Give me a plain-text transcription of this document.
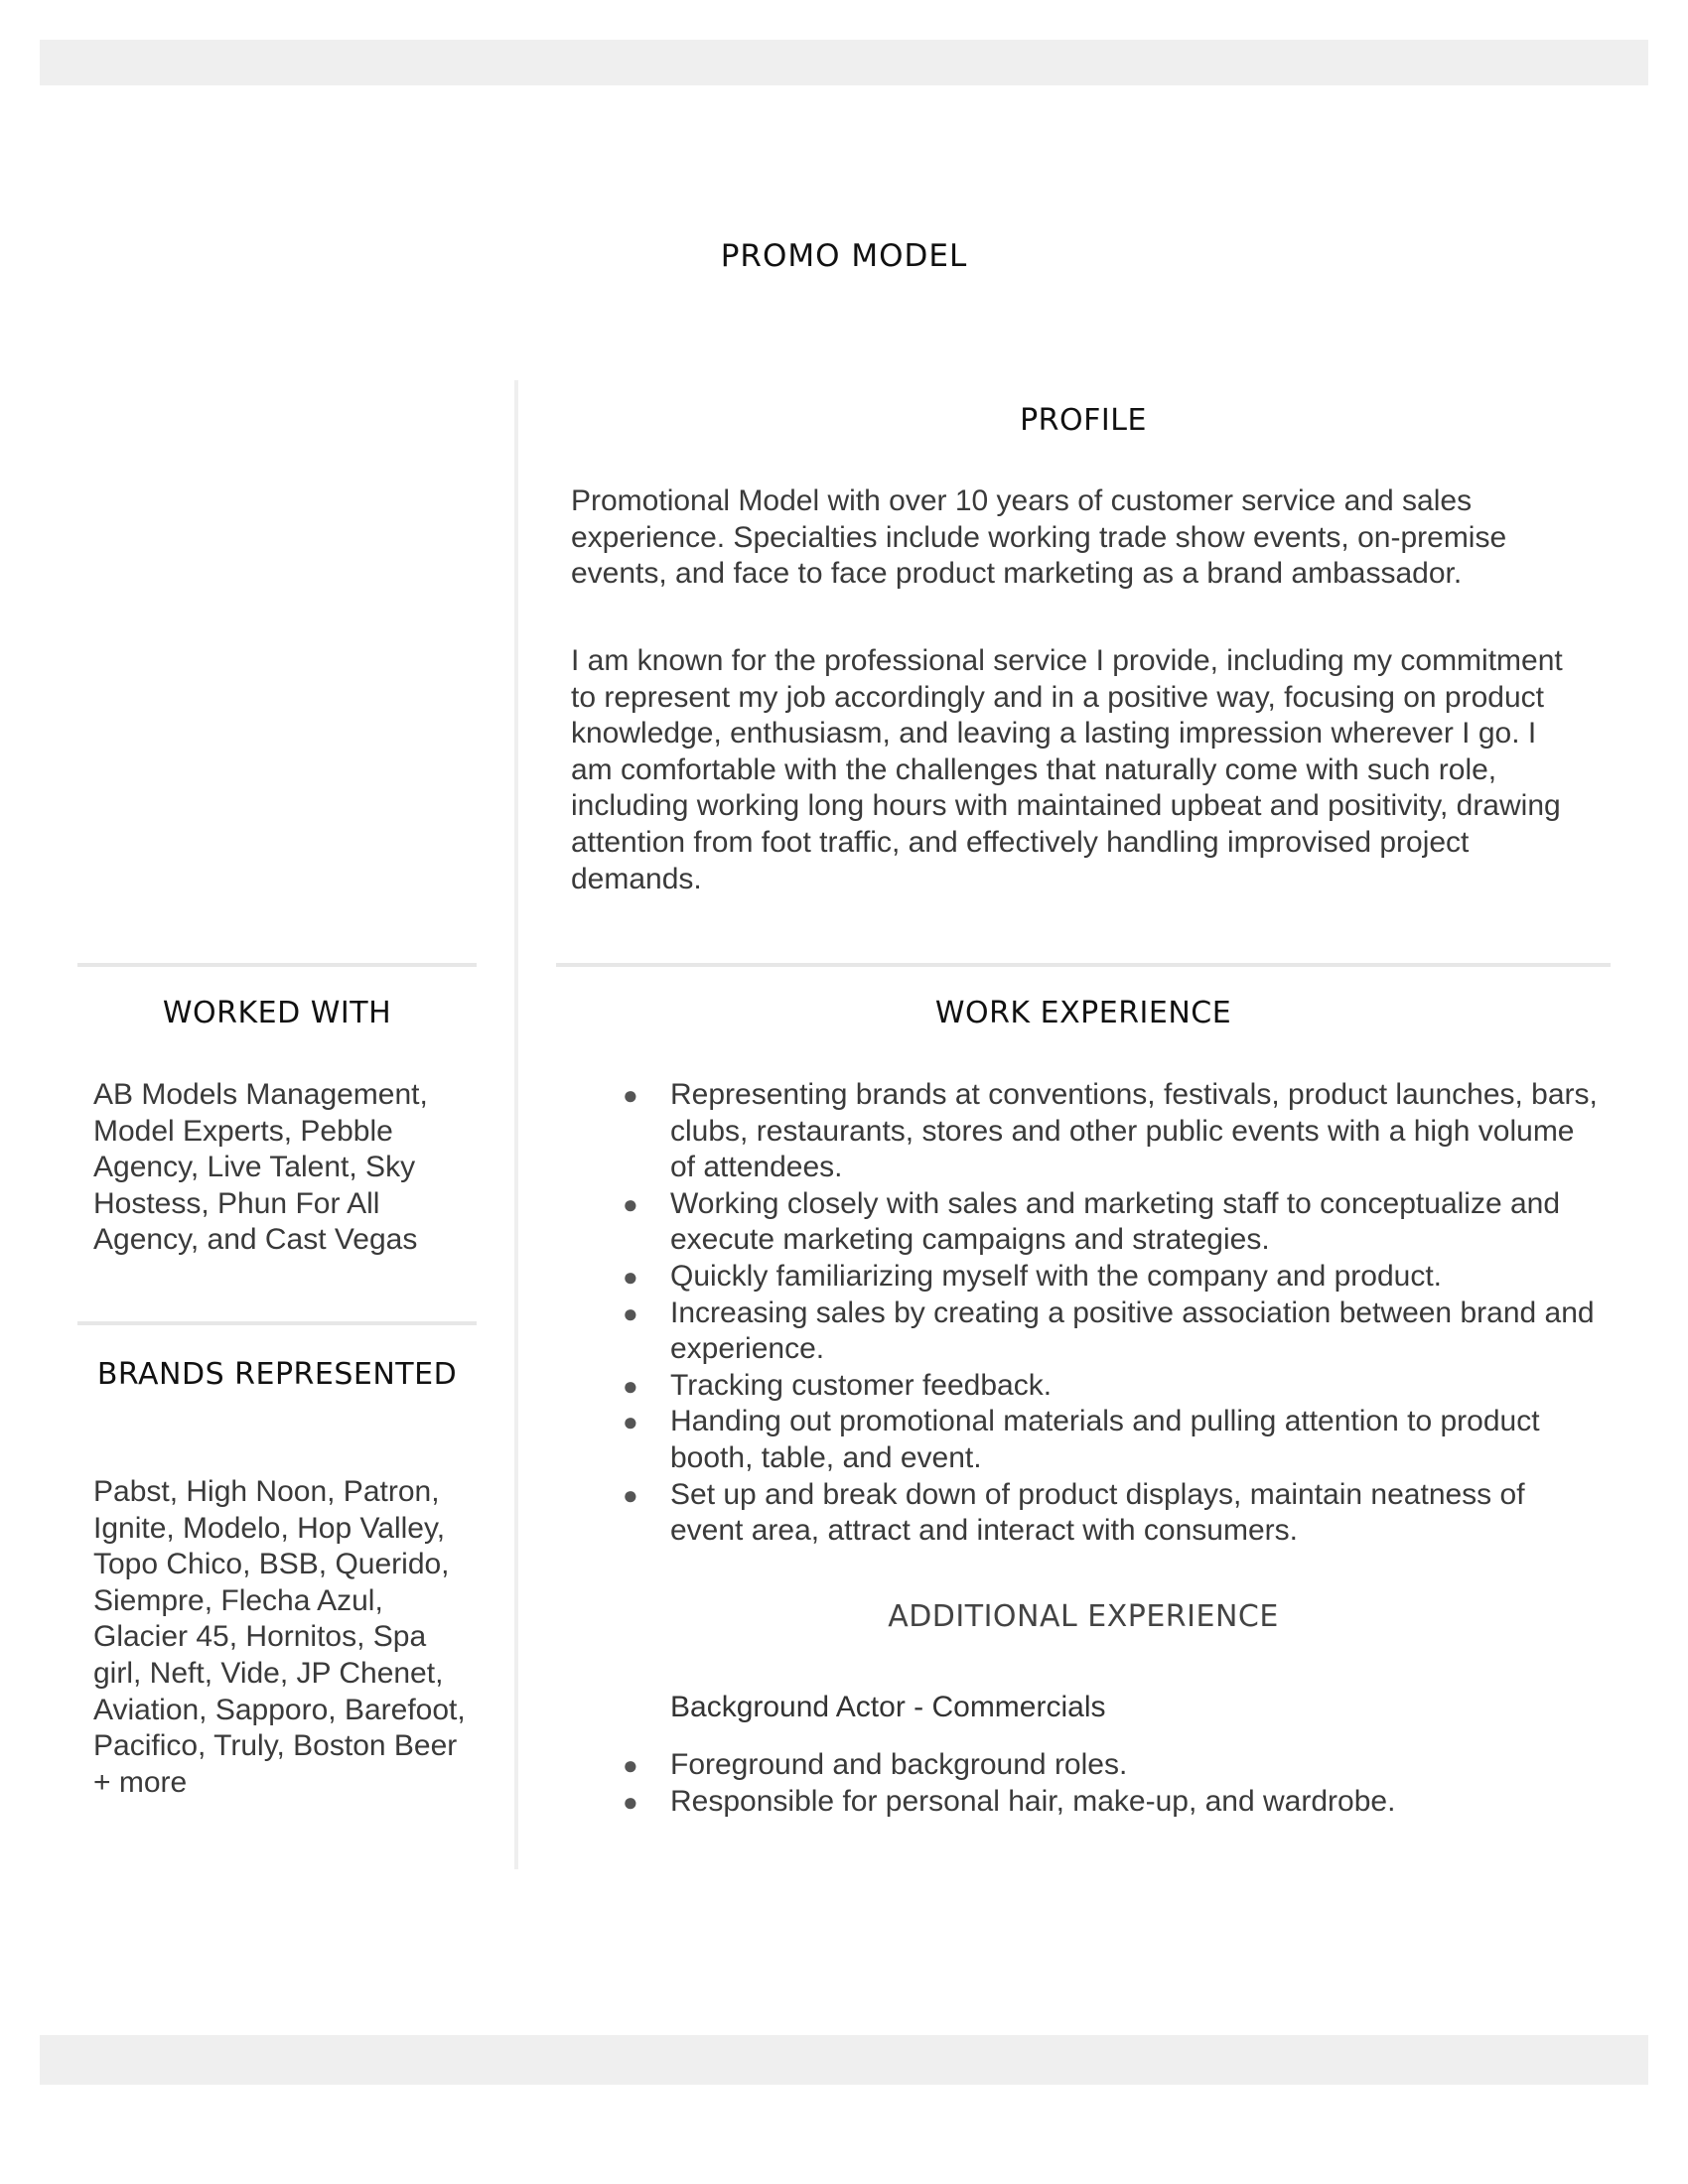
PROMO MODEL
PROFILE
Promotional Model with over 10 years of customer service and sales experience. Specialties include working trade show events, on-premise events, and face to face product marketing as a brand ambassador.
I am known for the professional service I provide, including my commitment to represent my job accordingly and in a positive way, focusing on product knowledge, enthusiasm, and leaving a lasting impression wherever I go. I am comfortable with the challenges that naturally come with such role, including working long hours with maintained upbeat and positivity, drawing attention from foot traffic, and effectively handling improvised project demands.
WORKED WITH
AB Models Management, Model Experts, Pebble Agency, Live Talent, Sky Hostess, Phun For All Agency, and Cast Vegas
BRANDS REPRESENTED
Pabst, High Noon, Patron, Ignite, Modelo, Hop Valley, Topo Chico, BSB, Querido, Siempre, Flecha Azul, Glacier 45, Hornitos, Spa girl, Neft, Vide, JP Chenet, Aviation, Sapporo, Barefoot, Pacifico, Truly, Boston Beer + more
WORK EXPERIENCE
● Representing brands at conventions, festivals, product launches, bars, clubs, restaurants, stores and other public events with a high volume of attendees.
● Working closely with sales and marketing staff to conceptualize and execute marketing campaigns and strategies.
● Quickly familiarizing myself with the company and product.
● Increasing sales by creating a positive association between brand and experience.
● Tracking customer feedback.
● Handing out promotional materials and pulling attention to product booth, table, and event.
● Set up and break down of product displays, maintain neatness of event area, attract and interact with consumers.
ADDITIONAL EXPERIENCE
Background Actor - Commercials
● Foreground and background roles.
● Responsible for personal hair, make-up, and wardrobe.
